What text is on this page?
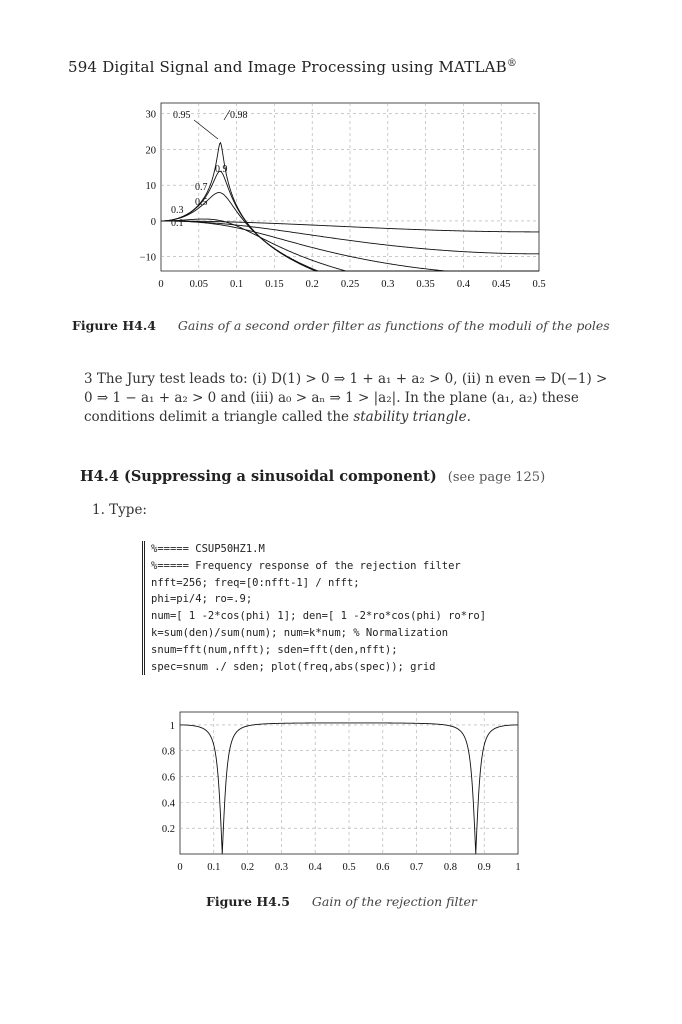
594 Digital Signal and Image Processing using MATLAB®
0 0.05 0.1 0.15 0.2 0.25 0.3 0.35 0.4 0.45 0.5
−10
0
10
20
30 0.95	0.98
0.9
0.7
0.5
0.3
0.1
Figure H4.4 Gains of a second order filter as functions of the moduli of the poles
3 The Jury test leads to: (i) D(1) > 0 ⇒ 1 + a₁ + a₂ > 0, (ii) n even ⇒ D(−1) > 0 ⇒ 1 − a₁ + a₂ > 0 and (iii) a₀ > aₙ ⇒ 1 > |a₂|. In the plane (a₁, a₂) these conditions delimit a triangle called the stability triangle.
H4.4 (Suppressing a sinusoidal component) (see page 125)
1. Type:
%===== CSUP50HZ1.M
%===== Frequency response of the rejection filter
nfft=256; freq=[0:nfft-1] / nfft;
phi=pi/4; ro=.9;
num=[ 1 -2*cos(phi) 1]; den=[ 1 -2*ro*cos(phi) ro*ro]
k=sum(den)/sum(num); num=k*num; % Normalization
snum=fft(num,nfft); sden=fft(den,nfft);
spec=snum ./ sden; plot(freq,abs(spec)); grid
0 0.1 0.2 0.3 0.4 0.5 0.6 0.7 0.8 0.9 1
0.2
0.4
0.6
0.8
1
Figure H4.5 Gain of the rejection filter
